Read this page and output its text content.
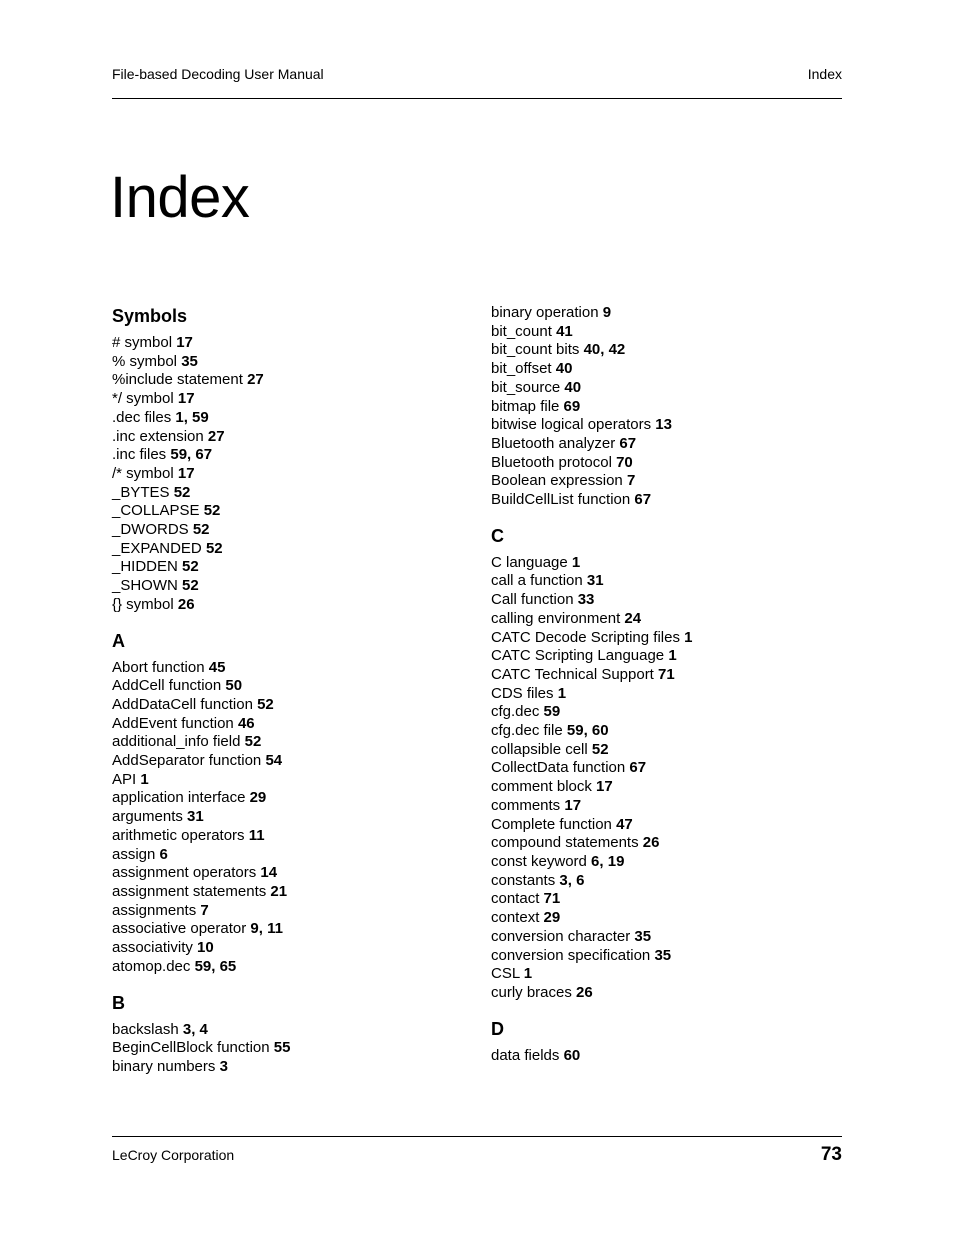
File-based Decoding User Manual	Index
Index
Symbols
# symbol 17
% symbol 35
%include statement 27
*/ symbol 17
.dec files 1, 59
.inc extension 27
.inc files 59, 67
/* symbol 17
_BYTES 52
_COLLAPSE 52
_DWORDS 52
_EXPANDED 52
_HIDDEN 52
_SHOWN 52
{} symbol 26
A
Abort function 45
AddCell function 50
AddDataCell function 52
AddEvent function 46
additional_info field 52
AddSeparator function 54
API 1
application interface 29
arguments 31
arithmetic operators 11
assign 6
assignment operators 14
assignment statements 21
assignments 7
associative operator 9, 11
associativity 10
atomop.dec 59, 65
B
backslash 3, 4
BeginCellBlock function 55
binary numbers 3
binary operation 9
bit_count 41
bit_count bits 40, 42
bit_offset 40
bit_source 40
bitmap file 69
bitwise logical operators 13
Bluetooth analyzer 67
Bluetooth protocol 70
Boolean expression 7
BuildCellList function 67
C
C language 1
call a function 31
Call function 33
calling environment 24
CATC Decode Scripting files 1
CATC Scripting Language 1
CATC Technical Support 71
CDS files 1
cfg.dec 59
cfg.dec file 59, 60
collapsible cell 52
CollectData function 67
comment block 17
comments 17
Complete function 47
compound statements 26
const keyword 6, 19
constants 3, 6
contact 71
context 29
conversion character 35
conversion specification 35
CSL 1
curly braces 26
D
data fields 60
LeCroy Corporation	73
